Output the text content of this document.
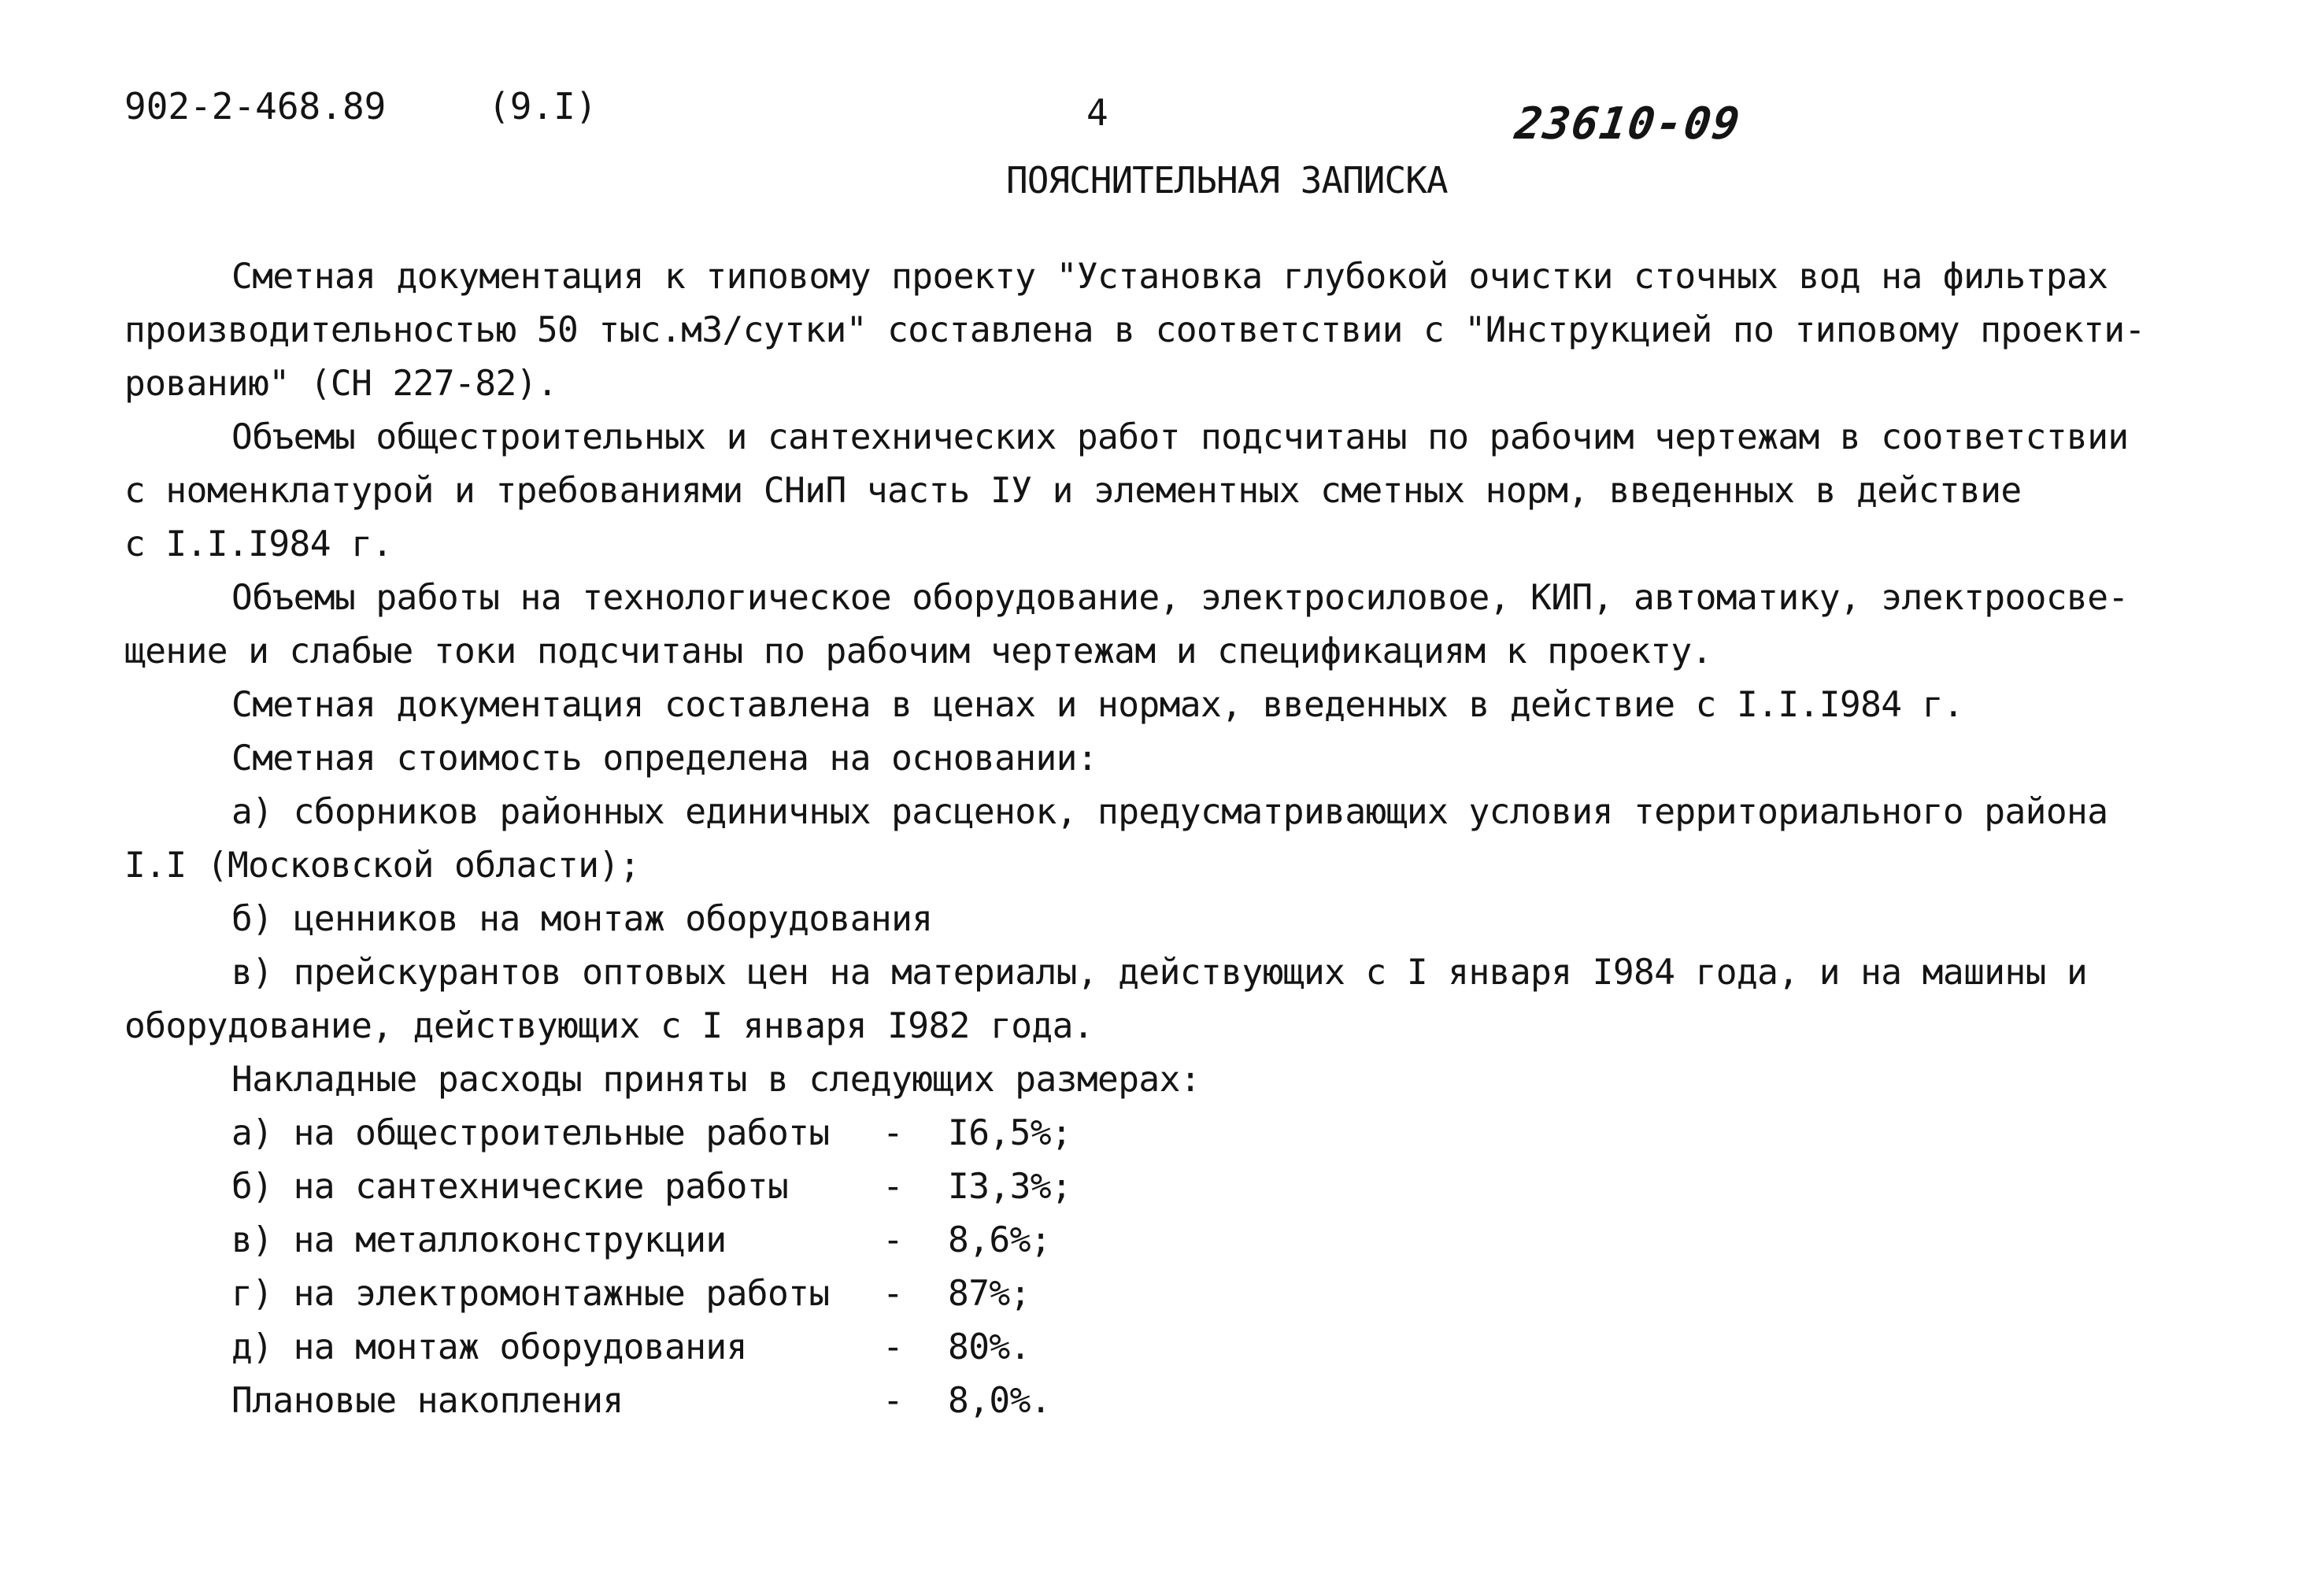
902-2-468.89	(9.I)	4	23610-09
ПОЯСНИТЕЛЬНАЯ ЗАПИСКА
Сметная документация к типовому проекту "Установка глубокой очистки сточных вод на фильтрах
производительностью 50 тыс.м3/сутки" составлена в соответствии с "Инструкцией по типовому проекти-
рованию" (СН 227-82).
Объемы общестроительных и сантехнических работ подсчитаны по рабочим чертежам в соответствии
с номенклатурой и требованиями СНиП часть IУ и элементных сметных норм, введенных в действие
с I.I.I984 г.
Объемы работы на технологическое оборудование, электросиловое, КИП, автоматику, электроосве-
щение и слабые токи подсчитаны по рабочим чертежам и спецификациям к проекту.
Сметная документация составлена в ценах и нормах, введенных в действие с I.I.I984 г.
Сметная стоимость определена на основании:
а) сборников районных единичных расценок, предусматривающих условия территориального района
I.I (Московской области);
б) ценников на монтаж оборудования
в) прейскурантов оптовых цен на материалы, действующих с I января I984 года, и на машины и
оборудование, действующих с I января I982 года.
Накладные расходы приняты в следующих размерах:
а) на общестроительные работы - I6,5%;
б) на сантехнические работы	- I3,3%;
в) на металлоконструкции	- 8,6%;
г) на электромонтажные работы - 87%;
д) на монтаж оборудования	- 80%.
Плановые накопления	- 8,0%.
